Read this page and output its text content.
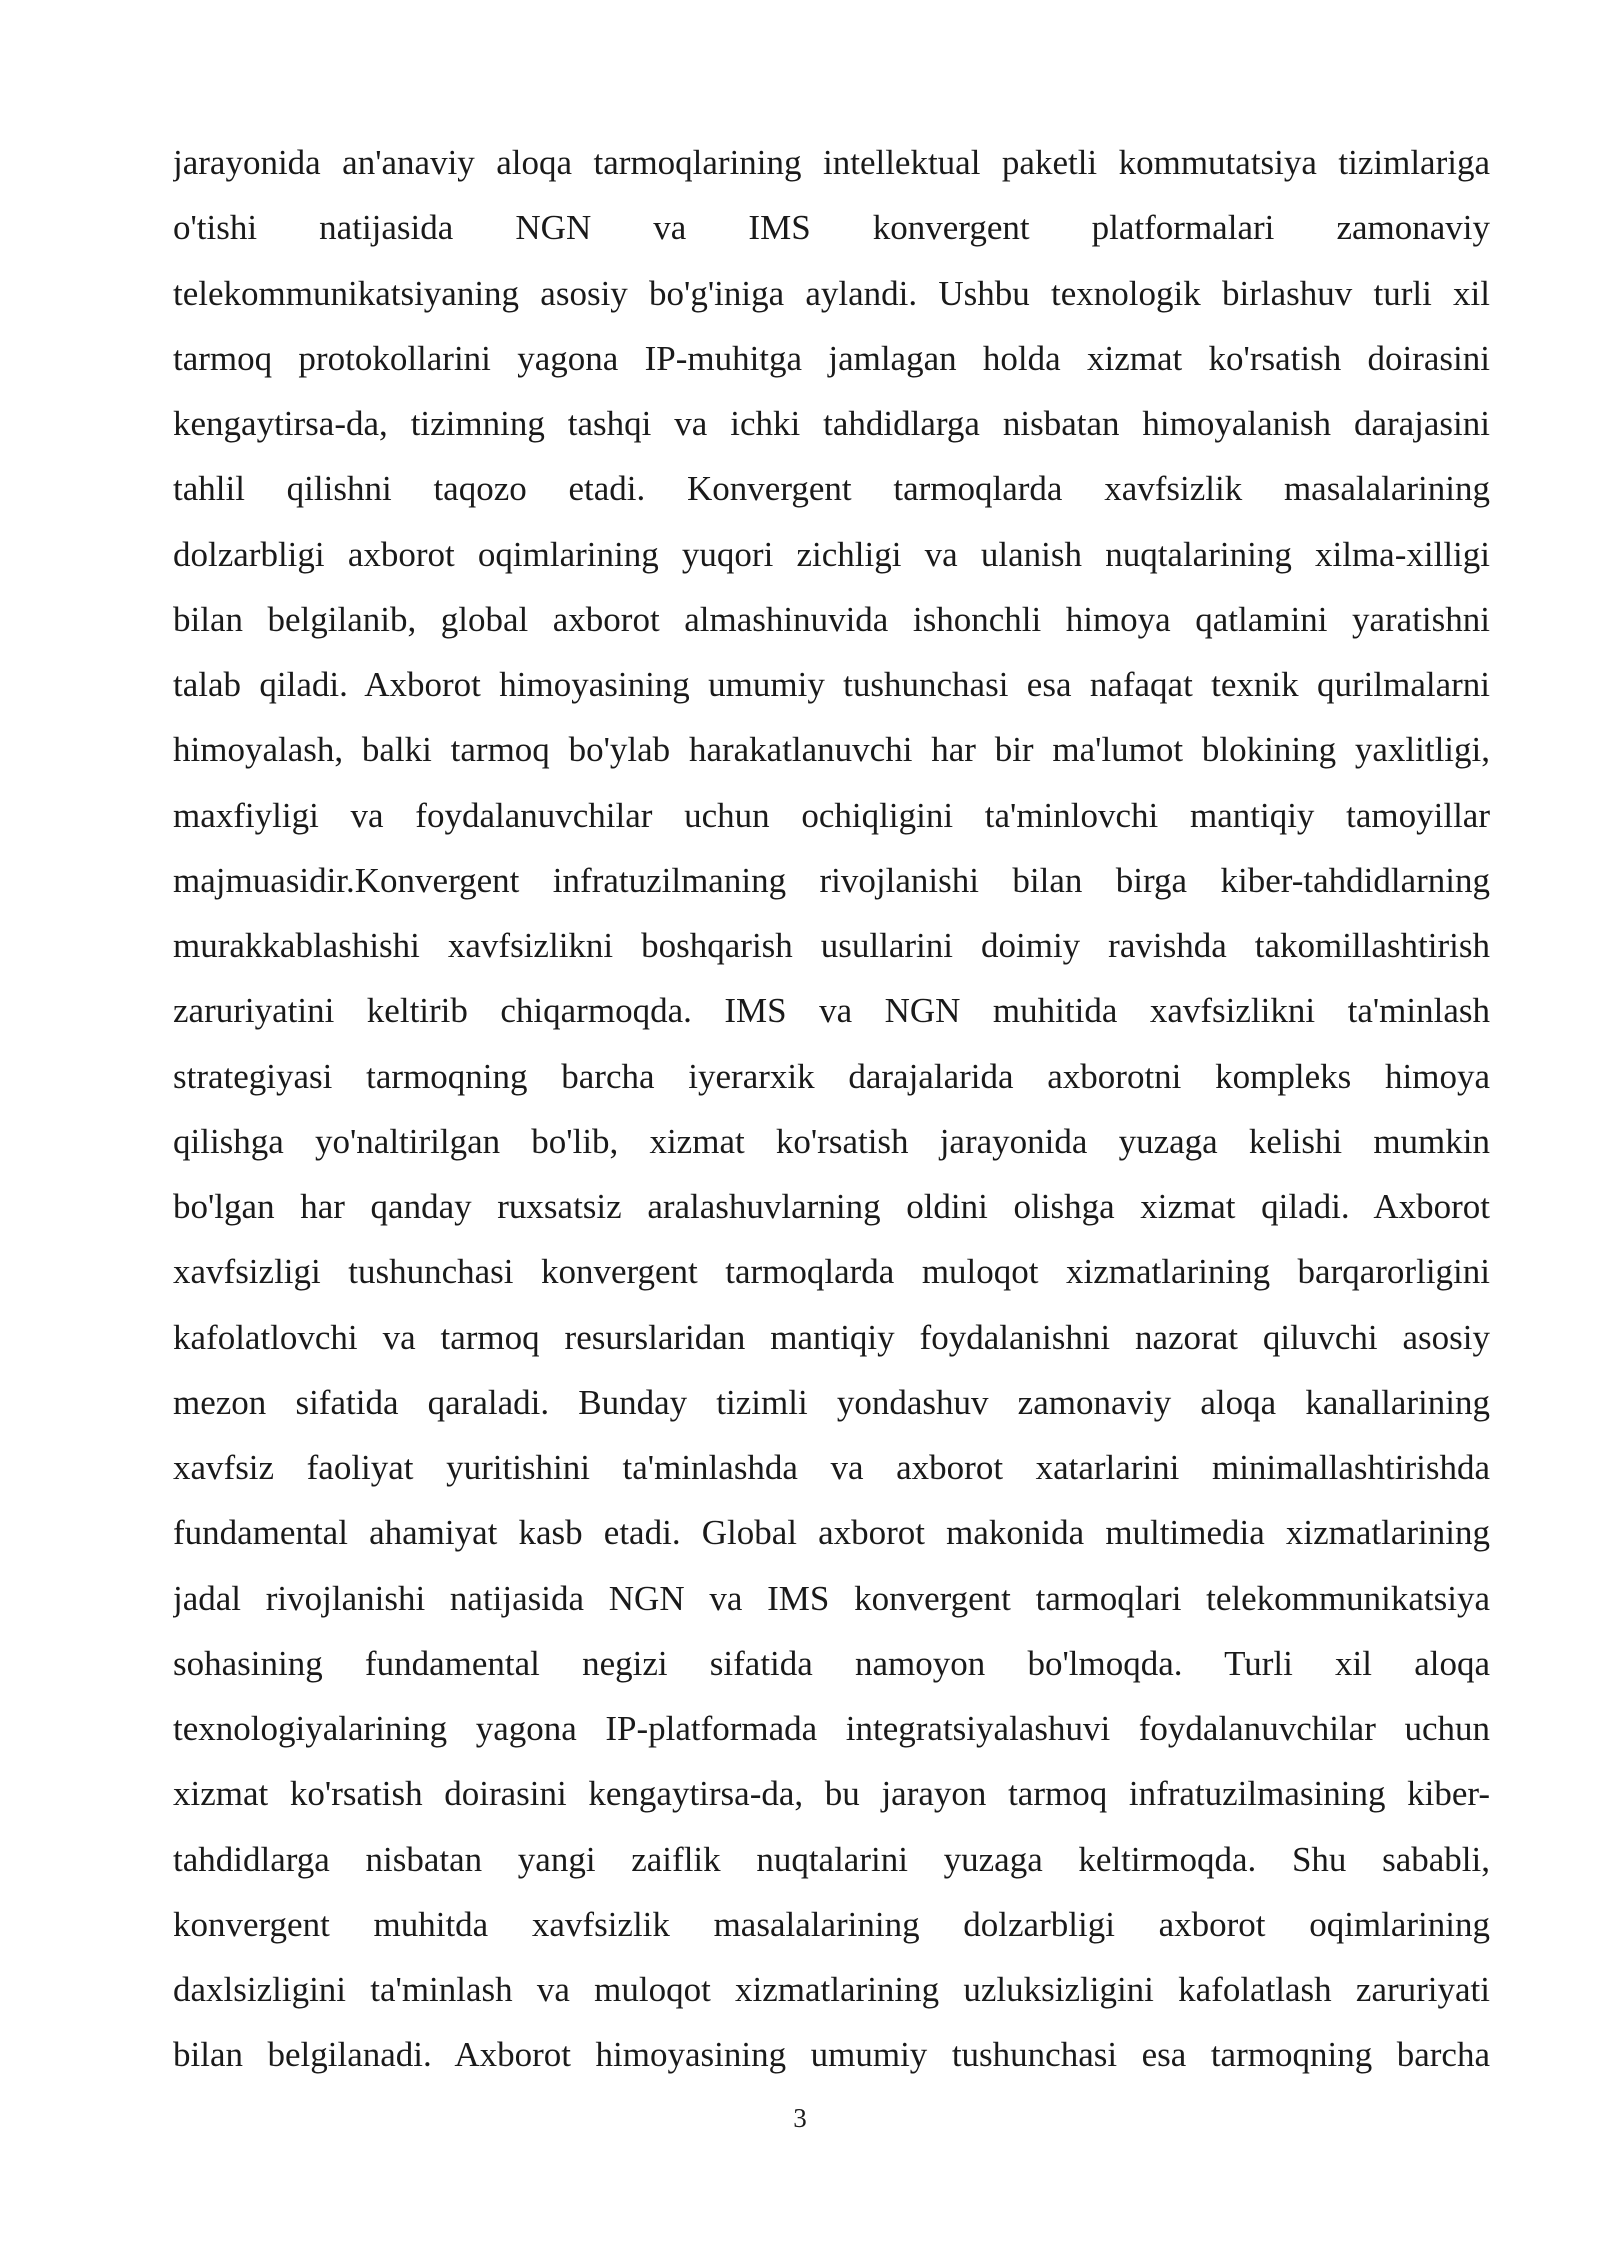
jarayonida an'anaviy aloqa tarmoqlarining intellektual paketli kommutatsiya tizimlariga
o'tishi natijasida NGN va IMS konvergent platformalari zamonaviy
telekommunikatsiyaning asosiy bo'g'iniga aylandi. Ushbu texnologik birlashuv turli xil
tarmoq protokollarini yagona IP-muhitga jamlagan holda xizmat ko'rsatish doirasini
kengaytirsa-da, tizimning tashqi va ichki tahdidlarga nisbatan himoyalanish darajasini
tahlil qilishni taqozo etadi. Konvergent tarmoqlarda xavfsizlik masalalarining
dolzarbligi axborot oqimlarining yuqori zichligi va ulanish nuqtalarining xilma-xilligi
bilan belgilanib, global axborot almashinuvida ishonchli himoya qatlamini yaratishni
talab qiladi. Axborot himoyasining umumiy tushunchasi esa nafaqat texnik qurilmalarni
himoyalash, balki tarmoq bo'ylab harakatlanuvchi har bir ma'lumot blokining yaxlitligi,
maxfiyligi va foydalanuvchilar uchun ochiqligini ta'minlovchi mantiqiy tamoyillar
majmuasidir.Konvergent infratuzilmaning rivojlanishi bilan birga kiber-tahdidlarning
murakkablashishi xavfsizlikni boshqarish usullarini doimiy ravishda takomillashtirish
zaruriyatini keltirib chiqarmoqda. IMS va NGN muhitida xavfsizlikni ta'minlash
strategiyasi tarmoqning barcha iyerarxik darajalarida axborotni kompleks himoya
qilishga yo'naltirilgan bo'lib, xizmat ko'rsatish jarayonida yuzaga kelishi mumkin
bo'lgan har qanday ruxsatsiz aralashuvlarning oldini olishga xizmat qiladi. Axborot
xavfsizligi tushunchasi konvergent tarmoqlarda muloqot xizmatlarining barqarorligini
kafolatlovchi va tarmoq resurslaridan mantiqiy foydalanishni nazorat qiluvchi asosiy
mezon sifatida qaraladi. Bunday tizimli yondashuv zamonaviy aloqa kanallarining
xavfsiz faoliyat yuritishini ta'minlashda va axborot xatarlarini minimallashtirishda
fundamental ahamiyat kasb etadi. Global axborot makonida multimedia xizmatlarining
jadal rivojlanishi natijasida NGN va IMS konvergent tarmoqlari telekommunikatsiya
sohasining fundamental negizi sifatida namoyon bo'lmoqda. Turli xil aloqa
texnologiyalarining yagona IP-platformada integratsiyalashuvi foydalanuvchilar uchun
xizmat ko'rsatish doirasini kengaytirsa-da, bu jarayon tarmoq infratuzilmasining kiber-
tahdidlarga nisbatan yangi zaiflik nuqtalarini yuzaga keltirmoqda. Shu sababli,
konvergent muhitda xavfsizlik masalalarining dolzarbligi axborot oqimlarining
daxlsizligini ta'minlash va muloqot xizmatlarining uzluksizligini kafolatlash zaruriyati
bilan belgilanadi. Axborot himoyasining umumiy tushunchasi esa tarmoqning barcha
3
